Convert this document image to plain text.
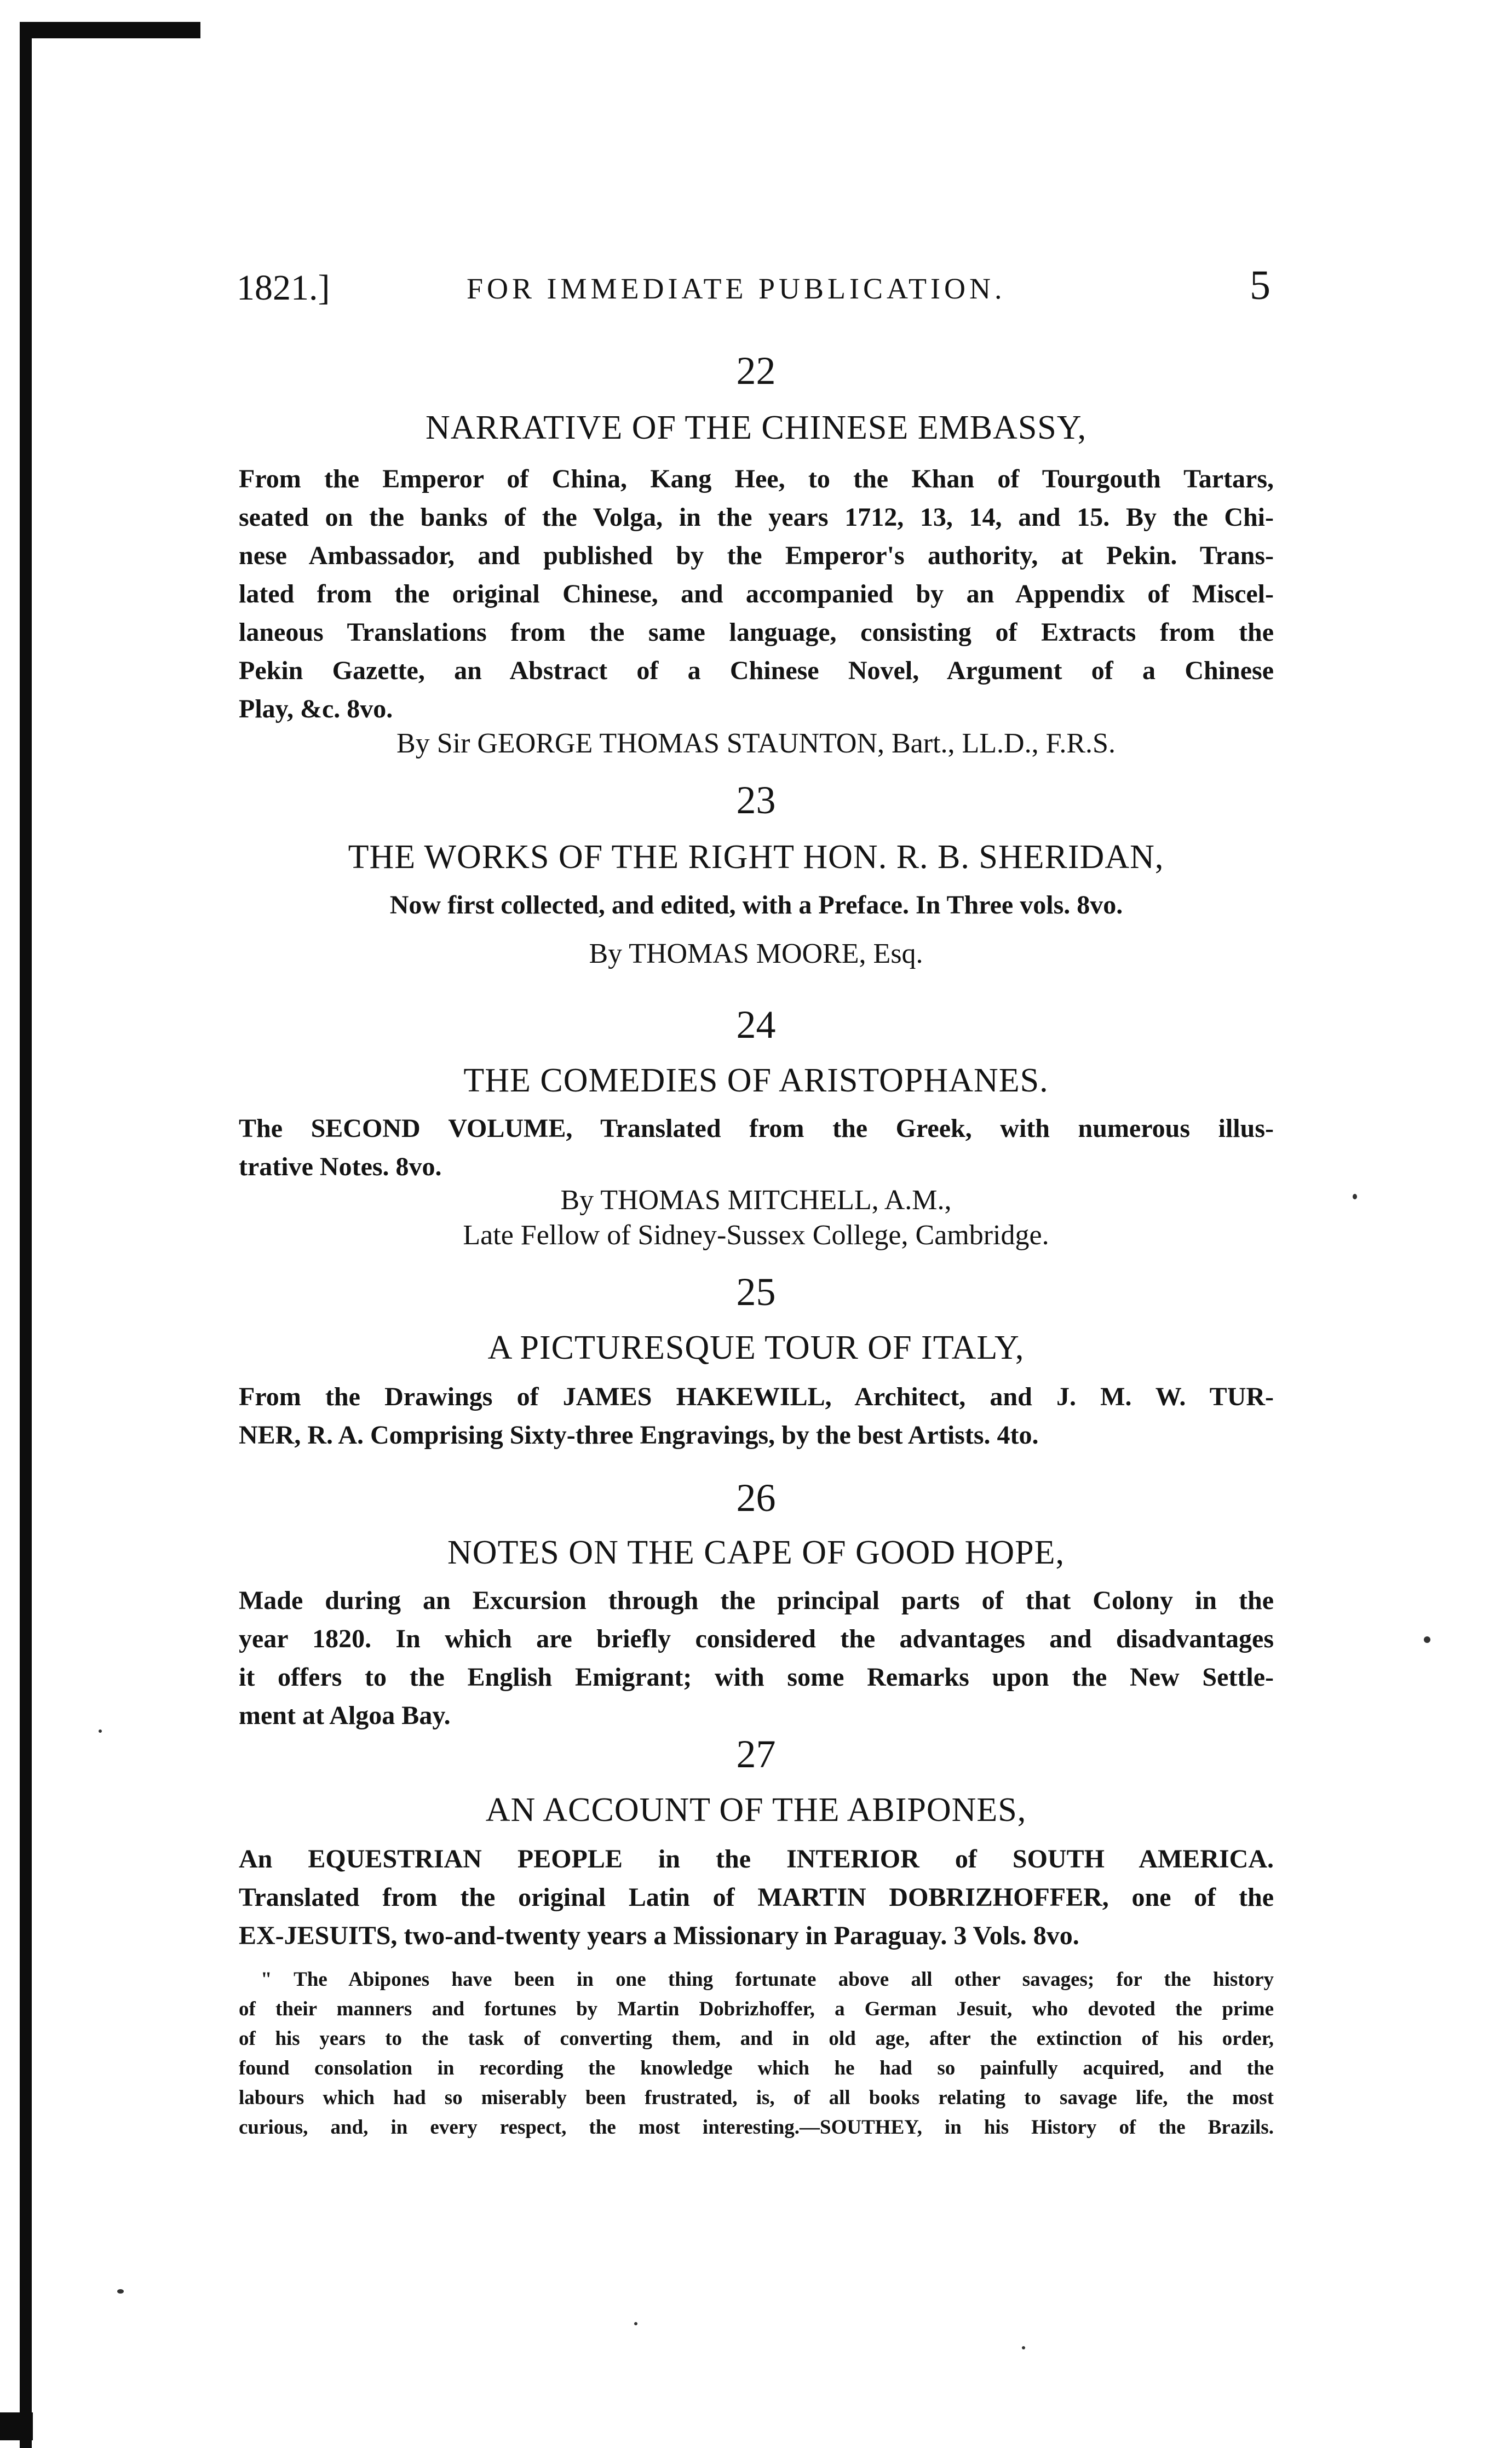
1821.]	FOR IMMEDIATE PUBLICATION.	5
22
NARRATIVE OF THE CHINESE EMBASSY,
From the Emperor of China, Kang Hee, to the Khan of Tourgouth Tartars,
seated on the banks of the Volga, in the years 1712, 13, 14, and 15. By the Chi-
nese Ambassador, and published by the Emperor's authority, at Pekin. Trans-
lated from the original Chinese, and accompanied by an Appendix of Miscel-
laneous Translations from the same language, consisting of Extracts from the
Pekin Gazette, an Abstract of a Chinese Novel, Argument of a Chinese
Play, &c. 8vo.
By Sir GEORGE THOMAS STAUNTON, Bart., LL.D., F.R.S.
23
THE WORKS OF THE RIGHT HON. R. B. SHERIDAN,
Now first collected, and edited, with a Preface. In Three vols. 8vo.
By THOMAS MOORE, Esq.
24
THE COMEDIES OF ARISTOPHANES.
The SECOND VOLUME, Translated from the Greek, with numerous illus-
trative Notes. 8vo.
By THOMAS MITCHELL, A.M.,
Late Fellow of Sidney-Sussex College, Cambridge.
25
A PICTURESQUE TOUR OF ITALY,
From the Drawings of JAMES HAKEWILL, Architect, and J. M. W. TUR-
NER, R. A. Comprising Sixty-three Engravings, by the best Artists. 4to.
26
NOTES ON THE CAPE OF GOOD HOPE,
Made during an Excursion through the principal parts of that Colony in the
year 1820. In which are briefly considered the advantages and disadvantages
it offers to the English Emigrant; with some Remarks upon the New Settle-
ment at Algoa Bay.
27
AN ACCOUNT OF THE ABIPONES,
An EQUESTRIAN PEOPLE in the INTERIOR of SOUTH AMERICA.
Translated from the original Latin of MARTIN DOBRIZHOFFER, one of the
EX-JESUITS, two-and-twenty years a Missionary in Paraguay. 3 Vols. 8vo.
" The Abipones have been in one thing fortunate above all other savages; for the history
of their manners and fortunes by Martin Dobrizhoffer, a German Jesuit, who devoted the prime
of his years to the task of converting them, and in old age, after the extinction of his order,
found consolation in recording the knowledge which he had so painfully acquired, and the
labours which had so miserably been frustrated, is, of all books relating to savage life, the most
curious, and, in every respect, the most interesting.—SOUTHEY, in his History of the Brazils.
